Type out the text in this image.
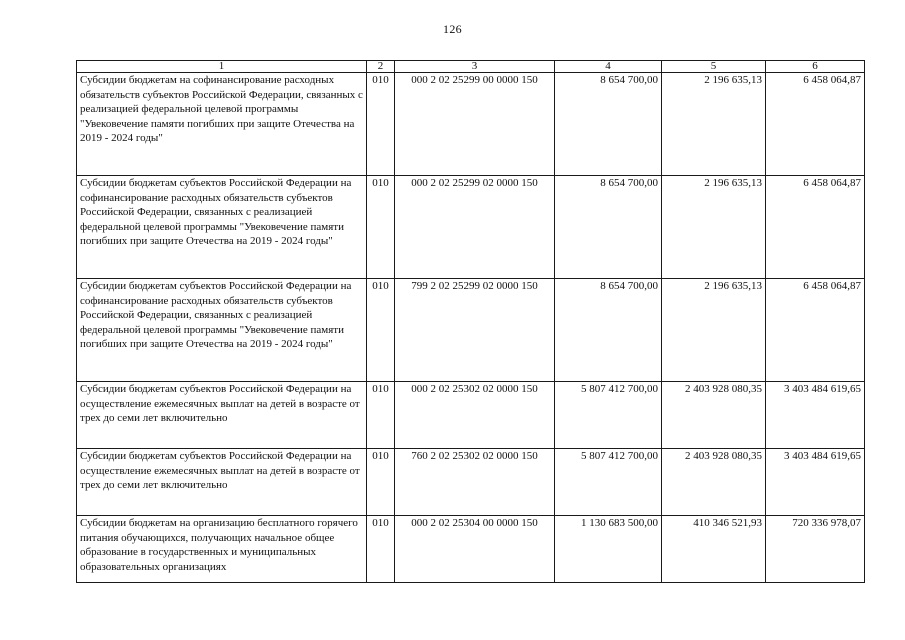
126
1	2	3	4	5	6
Субсидии бюджетам на софинансирование расходных обязательств субъектов Российской Федерации, связанных с реализацией федеральной целевой программы "Увековечение памяти погибших при защите Отечества на 2019 - 2024 годы"	010	000 2 02 25299 00 0000 150	8 654 700,00	2 196 635,13	6 458 064,87
Субсидии бюджетам субъектов Российской Федерации на софинансирование расходных обязательств субъектов Российской Федерации, связанных с реализацией федеральной целевой программы "Увековечение памяти погибших при защите Отечества на 2019 - 2024 годы"	010	000 2 02 25299 02 0000 150	8 654 700,00	2 196 635,13	6 458 064,87
Субсидии бюджетам субъектов Российской Федерации на софинансирование расходных обязательств субъектов Российской Федерации, связанных с реализацией федеральной целевой программы "Увековечение памяти погибших при защите Отечества на 2019 - 2024 годы"	010	799 2 02 25299 02 0000 150	8 654 700,00	2 196 635,13	6 458 064,87
Субсидии бюджетам субъектов Российской Федерации на осуществление ежемесячных выплат на детей в возрасте от трех до семи лет включительно	010	000 2 02 25302 02 0000 150	5 807 412 700,00	2 403 928 080,35	3 403 484 619,65
Субсидии бюджетам субъектов Российской Федерации на осуществление ежемесячных выплат на детей в возрасте от трех до семи лет включительно	010	760 2 02 25302 02 0000 150	5 807 412 700,00	2 403 928 080,35	3 403 484 619,65
Субсидии бюджетам на организацию бесплатного горячего питания обучающихся, получающих начальное общее образование в государственных и муниципальных образовательных организациях	010	000 2 02 25304 00 0000 150	1 130 683 500,00	410 346 521,93	720 336 978,07
